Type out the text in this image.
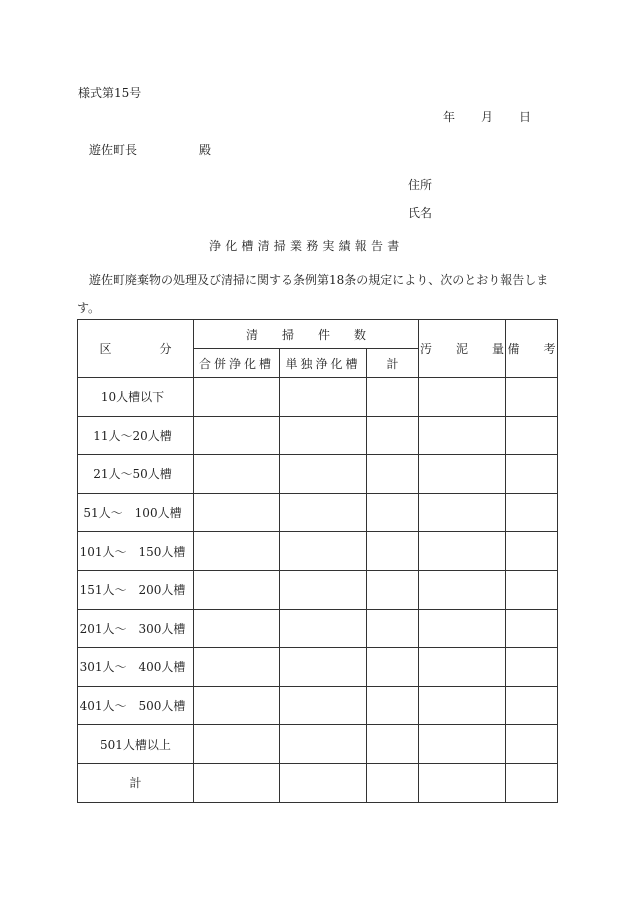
様式第15号
年 月 日
遊佐町長	殿
住所
氏名
浄化槽清掃業務実績報告書
遊佐町廃棄物の処理及び清掃に関する条例第18条の規定により、次のとおり報告します。
区　　　　分	清　　掃　　件　　数			汚　　泥　　量	備　　考
	合併浄化槽	単独浄化槽	計		
10人槽以下					
11人～20人槽					
21人～50人槽					
51人～　100人槽					
101人～　150人槽					
151人～　200人槽					
201人～　300人槽					
301人～　400人槽					
401人～　500人槽					
501人槽以上					
計					
